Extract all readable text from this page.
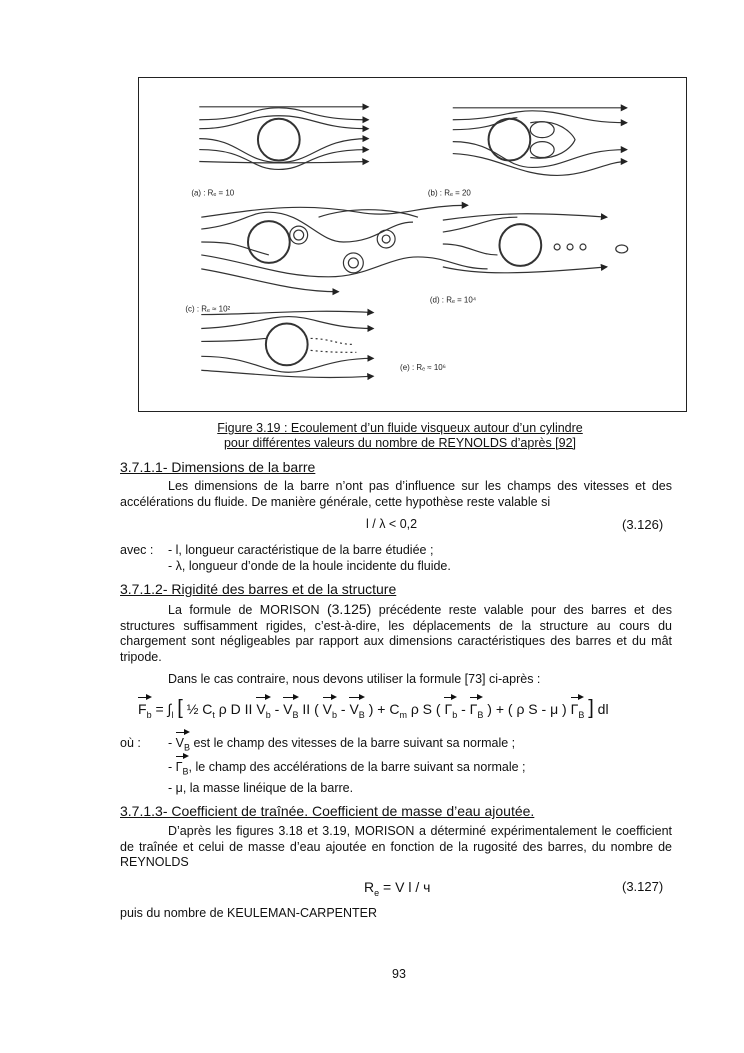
(a) : Rₑ = 10	(b) : Rₑ = 20
(c) : Rₑ ≈ 10²
(d) : Rₑ = 10⁴
(e) : Rₑ ≈ 10⁶
Figure 3.19 : Ecoulement d’un fluide visqueux autour d’un cylindre
pour différentes valeurs du nombre de REYNOLDS d’après [92]
3.7.1.1- Dimensions de la barre
Les dimensions de la barre n’ont pas d’influence sur les champs des vitesses et des accélérations du fluide. De manière générale, cette hypothèse reste valable si
l / λ < 0,2	(3.126)
avec : - l, longueur caractéristique de la barre étudiée ;
- λ, longueur d’onde de la houle incidente du fluide.
3.7.1.2- Rigidité des barres et de la structure
La formule de MORISON (3.125) précédente reste valable pour des barres et des structures suffisamment rigides, c’est-à-dire, les déplacements de la structure au cours du chargement sont négligeables par rapport aux dimensions caractéristiques des barres et du mât tripode.
Dans le cas contraire, nous devons utiliser la formule [73] ci-après :
$F_b = \int_l$ [ ½ $C_t$ ρ D II $V_b - V_B$ II ( $V_b - V_B$ ) + $C_m$ ρ S ( $\Gamma_b - \Gamma_B$ ) + ( ρ S - μ ) $\Gamma_B$ ] dl
où : - $V_B$ est le champ des vitesses de la barre suivant sa normale ;
- $\Gamma_B$, le champ des accélérations de la barre suivant sa normale ;
- μ, la masse linéique de la barre.
3.7.1.3- Coefficient de traînée. Coefficient de masse d’eau ajoutée.
D’après les figures 3.18 et 3.19, MORISON a déterminé expérimentalement le coefficient de traînée et celui de masse d’eau ajoutée en fonction de la rugosité des barres, du nombre de REYNOLDS
$R_e = V$ l / ч	(3.127)
puis du nombre de KEULEMAN-CARPENTER
93
